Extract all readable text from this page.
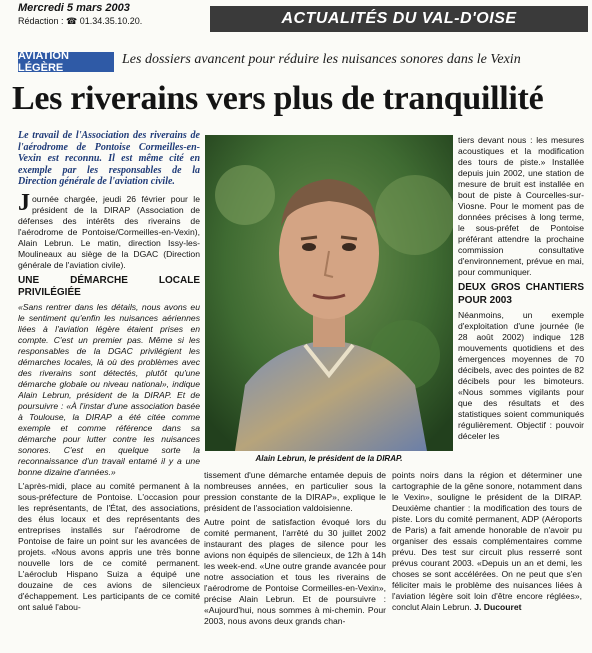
Mercredi 5 mars 2003
Rédaction : ☎ 01.34.35.10.20.	ACTUALITÉS DU VAL-D'OISE
AVIATION LÉGÈRE
Les dossiers avancent pour réduire les nuisances sonores dans le Vexin
Les riverains vers plus de tranquillité
Le travail de l'Association des riverains de l'aérodrome de Pontoise Cormeilles-en-Vexin est reconnu. Il est même cité en exemple par les responsables de la Direction générale de l'aviation civile.

Journée chargée, jeudi 26 février pour le président de la DIRAP (Association de défenses des intérêts des riverains de l'aérodrome de Pontoise/Cormeilles-en-Vexin), Alain Lebrun. Le matin, direction Issy-les-Moulineaux au siège de la DGAC (Direction générale de l'aviation civile).

UNE DÉMARCHE LOCALE PRIVILÉGIÉE

«Sans rentrer dans les détails, nous avons eu le sentiment qu'enfin les nuisances aériennes liées à l'aviation légère étaient prises en compte. C'est un premier pas. Même si les responsables de la DGAC privilégient les démarches locales, là où des problèmes avec des riverains sont détectés, plutôt qu'une démarche globale ou niveau national», indique Alain Lebrun, président de la DIRAP. Et de poursuivre : «À l'instar d'une association basée à Toulouse, la DIRAP a été citée comme exemple et comme référence dans sa démarche pour lutter contre les nuisances sonores. C'est en quelque sorte la reconnaissance d'un travail entamé il y a une bonne dizaine d'années.»

L'après-midi, place au comité permanent à la sous-préfecture de Pontoise. L'occasion pour les représentants, de l'État, des associations, des élus locaux et des représentants des entreprises installés sur l'aérodrome de Pontoise de faire un point sur les avancées de projets. «Nous avons appris une très bonne nouvelle lors de ce comité permanent. L'aéroclub Hispano Suiza a équipé une douzaine de ces avions de silencieux d'échappement. Les participants de ce comité ont salué l'abou-

Alain Lebrun, le président de la DIRAP.

tiers devant nous : les mesures acoustiques et la modification des tours de piste.» Installée depuis juin 2002, une station de mesure de bruit est installée en bout de piste à Courcelles-sur-Viosne. Pour le moment pas de données précises à long terme, le sous-préfet de Pontoise préférant attendre la prochaine commission consultative d'environnement, prévue en mai, pour communiquer.

DEUX GROS CHANTIERS POUR 2003

Néanmoins, un exemple d'exploitation d'une journée (le 28 août 2002) indique 128 mouvements quotidiens et des émergences moyennes de 70 décibels, avec des pointes de 82 décibels pour les bimoteurs. «Nous sommes vigilants pour que des résultats et des statistiques soient communiqués régulièrement. Objectif : pouvoir déceler les

tissement d'une démarche entamée depuis de nombreuses années, en particulier sous la pression constante de la DIRAP», explique le président de l'association valdoisienne.

Autre point de satisfaction évoqué lors du comité permanent, l'arrêté du 30 juillet 2002 instaurant des plages de silence pour les avions non équipés de silencieux, de 12h à 14h les week-end. «Une outre grande avancée pour notre association et tous les riverains de l'aérodrome de Pontoise Cormeilles-en-Vexin», précise Alain Lebrun. Et de poursuivre : «Aujourd'hui, nous sommes à mi-chemin. Pour 2003, nous avons deux grands chan-

points noirs dans la région et déterminer une cartographie de la gêne sonore, notamment dans le Vexin», souligne le président de la DIRAP. Deuxième chantier : la modification des tours de piste. Lors du comité permanent, ADP (Aéroports de Paris) a fait amende honorable de n'avoir pu organiser des essais complémentaires comme prévu. Des test sur circuit plus resserré sont prévus courant 2003. «Depuis un an et demi, les choses se sont accélérées. On ne peut que s'en féliciter mais le problème des nuisances liées à l'aviation légère soit loin d'être encore réglées», conclut Alain Lebrun. J. Ducouret
